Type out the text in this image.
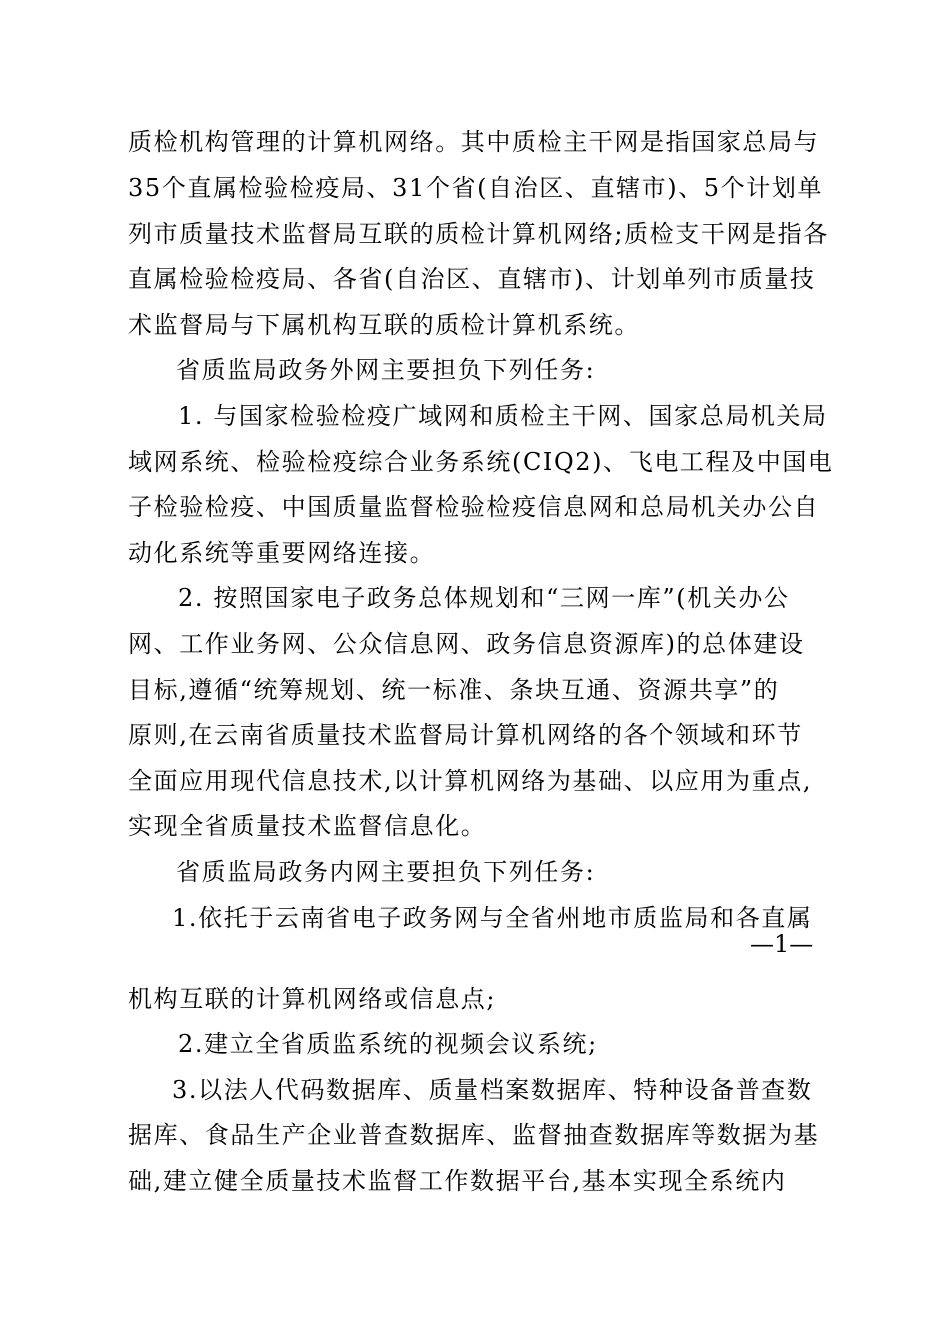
质检机构管理的计算机网络。其中质检主干网是指国家总局与
35个直属检验检疫局、31个省(自治区、直辖市)、5个计划单
列市质量技术监督局互联的质检计算机网络;质检支干网是指各
直属检验检疫局、各省(自治区、直辖市)、计划单列市质量技
术监督局与下属机构互联的质检计算机系统。
省质监局政务外网主要担负下列任务:
1. 与国家检验检疫广域网和质检主干网、国家总局机关局
域网系统、检验检疫综合业务系统(CIQ2)、飞电工程及中国电
子检验检疫、中国质量监督检验检疫信息网和总局机关办公自
动化系统等重要网络连接。
2. 按照国家电子政务总体规划和“三网一库”(机关办公
网、工作业务网、公众信息网、政务信息资源库)的总体建设
目标,遵循“统筹规划、统一标准、条块互通、资源共享”的
原则,在云南省质量技术监督局计算机网络的各个领域和环节
全面应用现代信息技术,以计算机网络为基础、以应用为重点,
实现全省质量技术监督信息化。
省质监局政务内网主要担负下列任务:
1.依托于云南省电子政务网与全省州地市质监局和各直属
—1—
机构互联的计算机网络或信息点;
2.建立全省质监系统的视频会议系统;
3.以法人代码数据库、质量档案数据库、特种设备普查数
据库、食品生产企业普查数据库、监督抽查数据库等数据为基
础,建立健全质量技术监督工作数据平台,基本实现全系统内
